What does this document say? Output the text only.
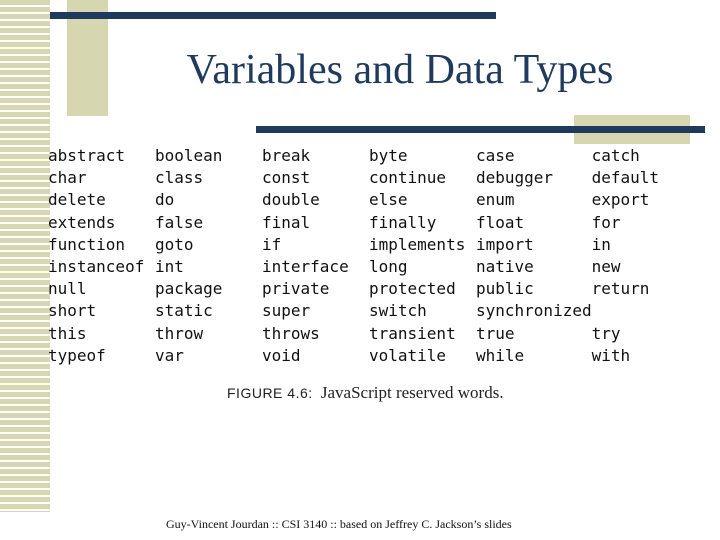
Variables and Data Types
abstract	boolean	break	byte	case	catch
char	class	const	continue	debugger	default
delete	do	double	else	enum	export
extends	false	final	finally	float	for
function	goto	if	implements	import	in
instanceof	int	interface	long	native	new
null	package	private	protected	public	return
short	static	super	switch	synchronized	
this	throw	throws	transient	true	try
typeof	var	void	volatile	while	with
FIGURE 4.6: JavaScript reserved words.
Guy-Vincent Jourdan :: CSI 3140 :: based on Jeffrey C. Jackson’s slides
